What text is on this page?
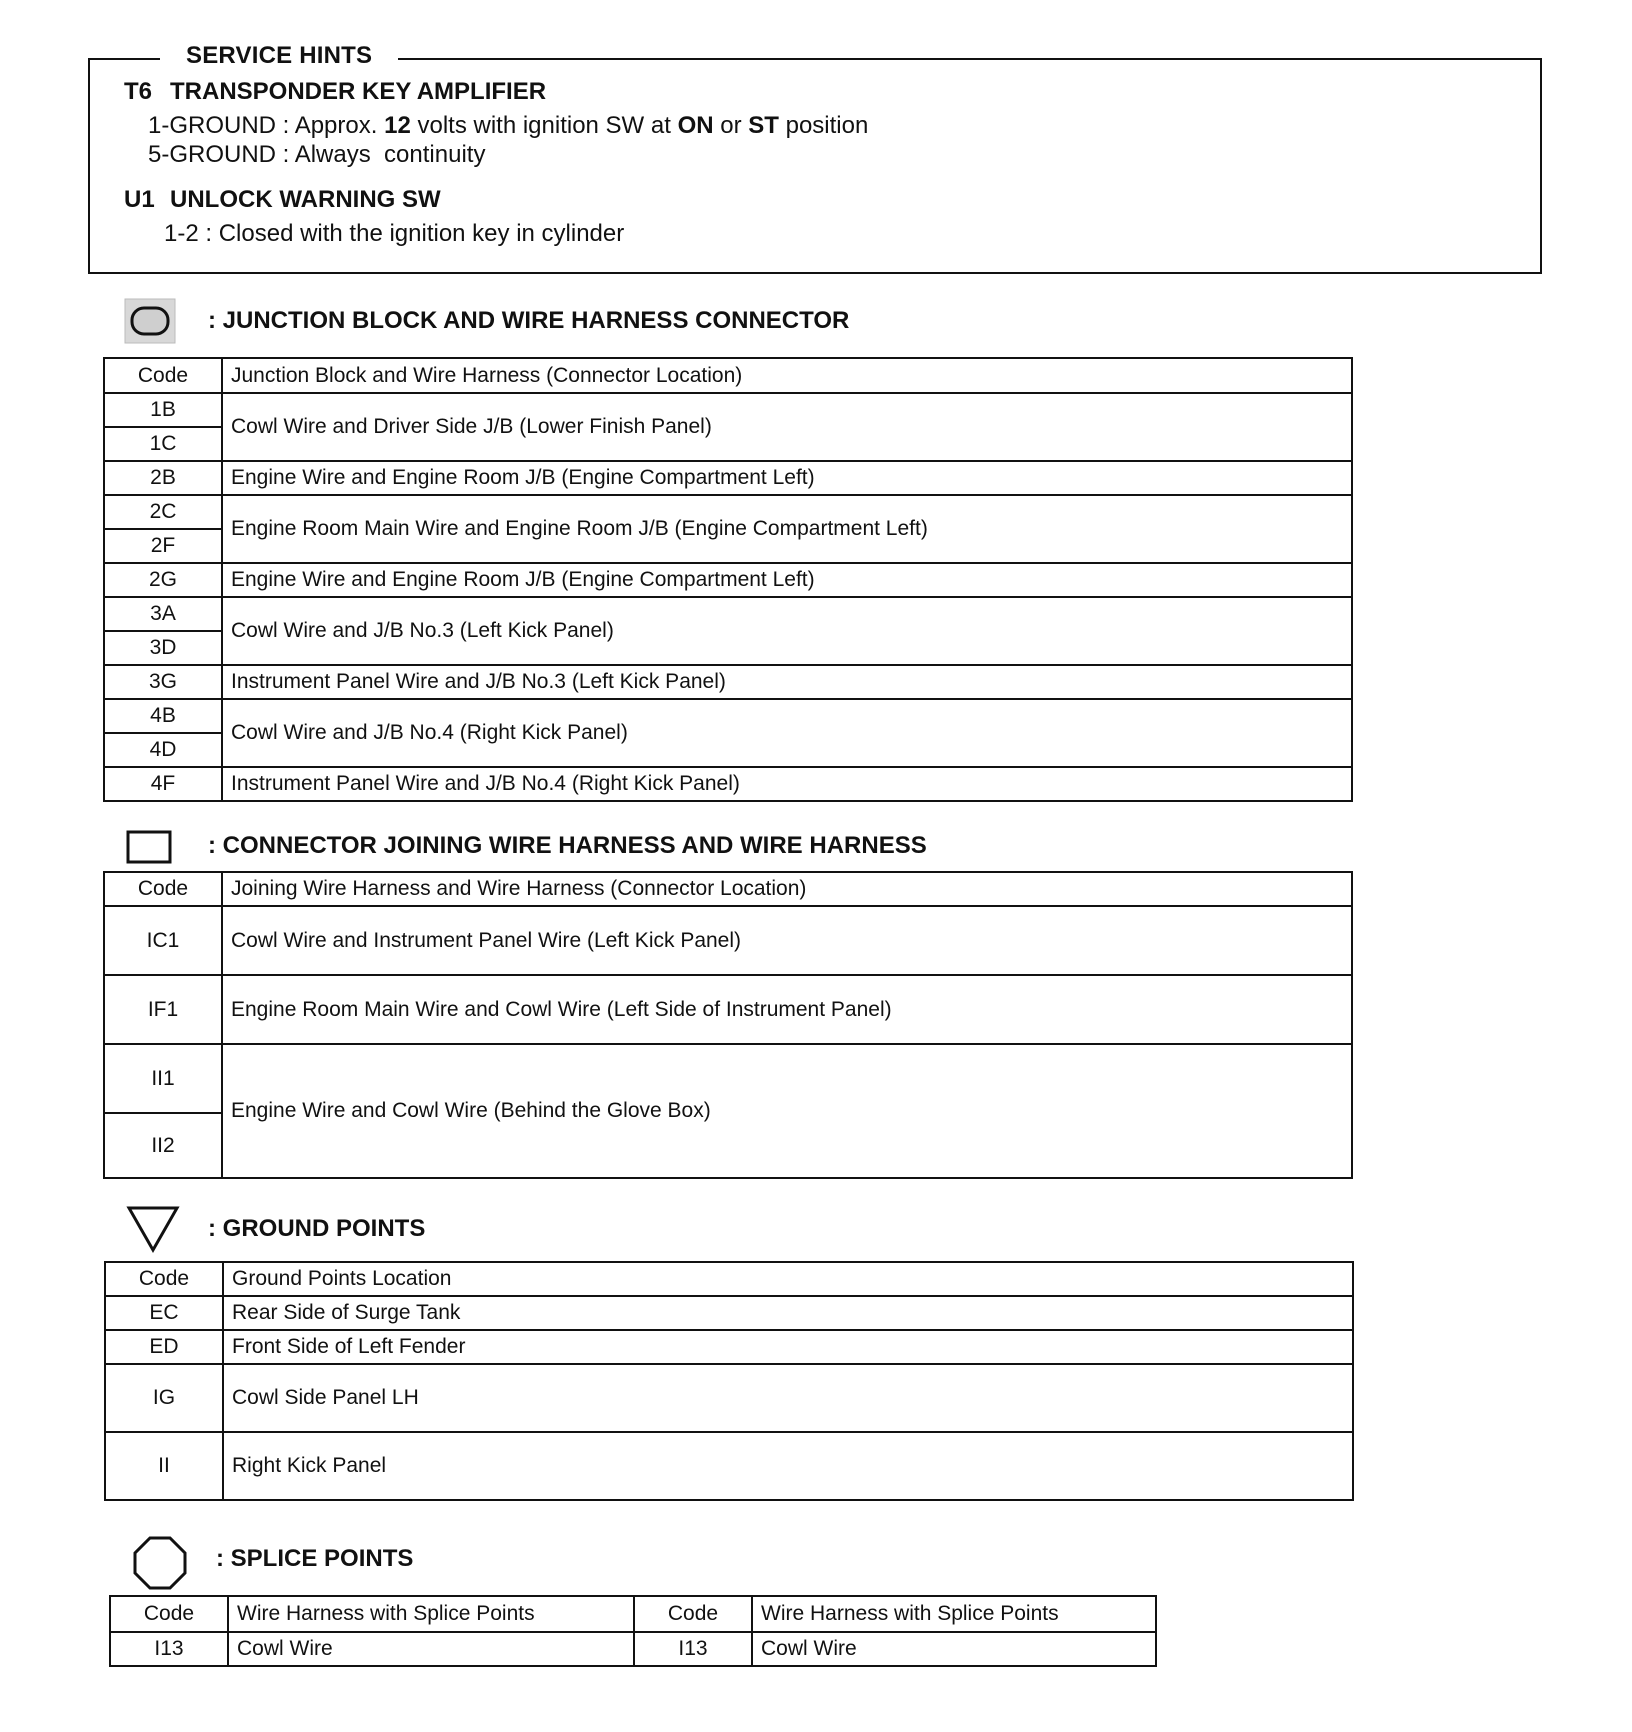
SERVICE HINTS
T6 TRANSPONDER KEY AMPLIFIER
1-GROUND : Approx. 12 volts with ignition SW at ON or ST position
5-GROUND : Always  continuity
U1 UNLOCK WARNING SW
1-2 : Closed with the ignition key in cylinder
: JUNCTION BLOCK AND WIRE HARNESS CONNECTOR
Code	Junction Block and Wire Harness (Connector Location)
1B	Cowl Wire and Driver Side J/B (Lower Finish Panel)
1C	
2B	Engine Wire and Engine Room J/B (Engine Compartment Left)
2C	Engine Room Main Wire and Engine Room J/B (Engine Compartment Left)
2F	
2G	Engine Wire and Engine Room J/B (Engine Compartment Left)
3A	Cowl Wire and J/B No.3 (Left Kick Panel)
3D	
3G	Instrument Panel Wire and J/B No.3 (Left Kick Panel)
4B	Cowl Wire and J/B No.4 (Right Kick Panel)
4D	
4F	Instrument Panel Wire and J/B No.4 (Right Kick Panel)
: CONNECTOR JOINING WIRE HARNESS AND WIRE HARNESS
Code	Joining Wire Harness and Wire Harness (Connector Location)
IC1	Cowl Wire and Instrument Panel Wire (Left Kick Panel)
IF1	Engine Room Main Wire and Cowl Wire (Left Side of Instrument Panel)
II1	Engine Wire and Cowl Wire (Behind the Glove Box)
II2	
: GROUND POINTS
Code	Ground Points Location
EC	Rear Side of Surge Tank
ED	Front Side of Left Fender
IG	Cowl Side Panel LH
II	Right Kick Panel
: SPLICE POINTS
Code	Wire Harness with Splice Points	Code	Wire Harness with Splice Points
I13	Cowl Wire	I13	Cowl Wire
